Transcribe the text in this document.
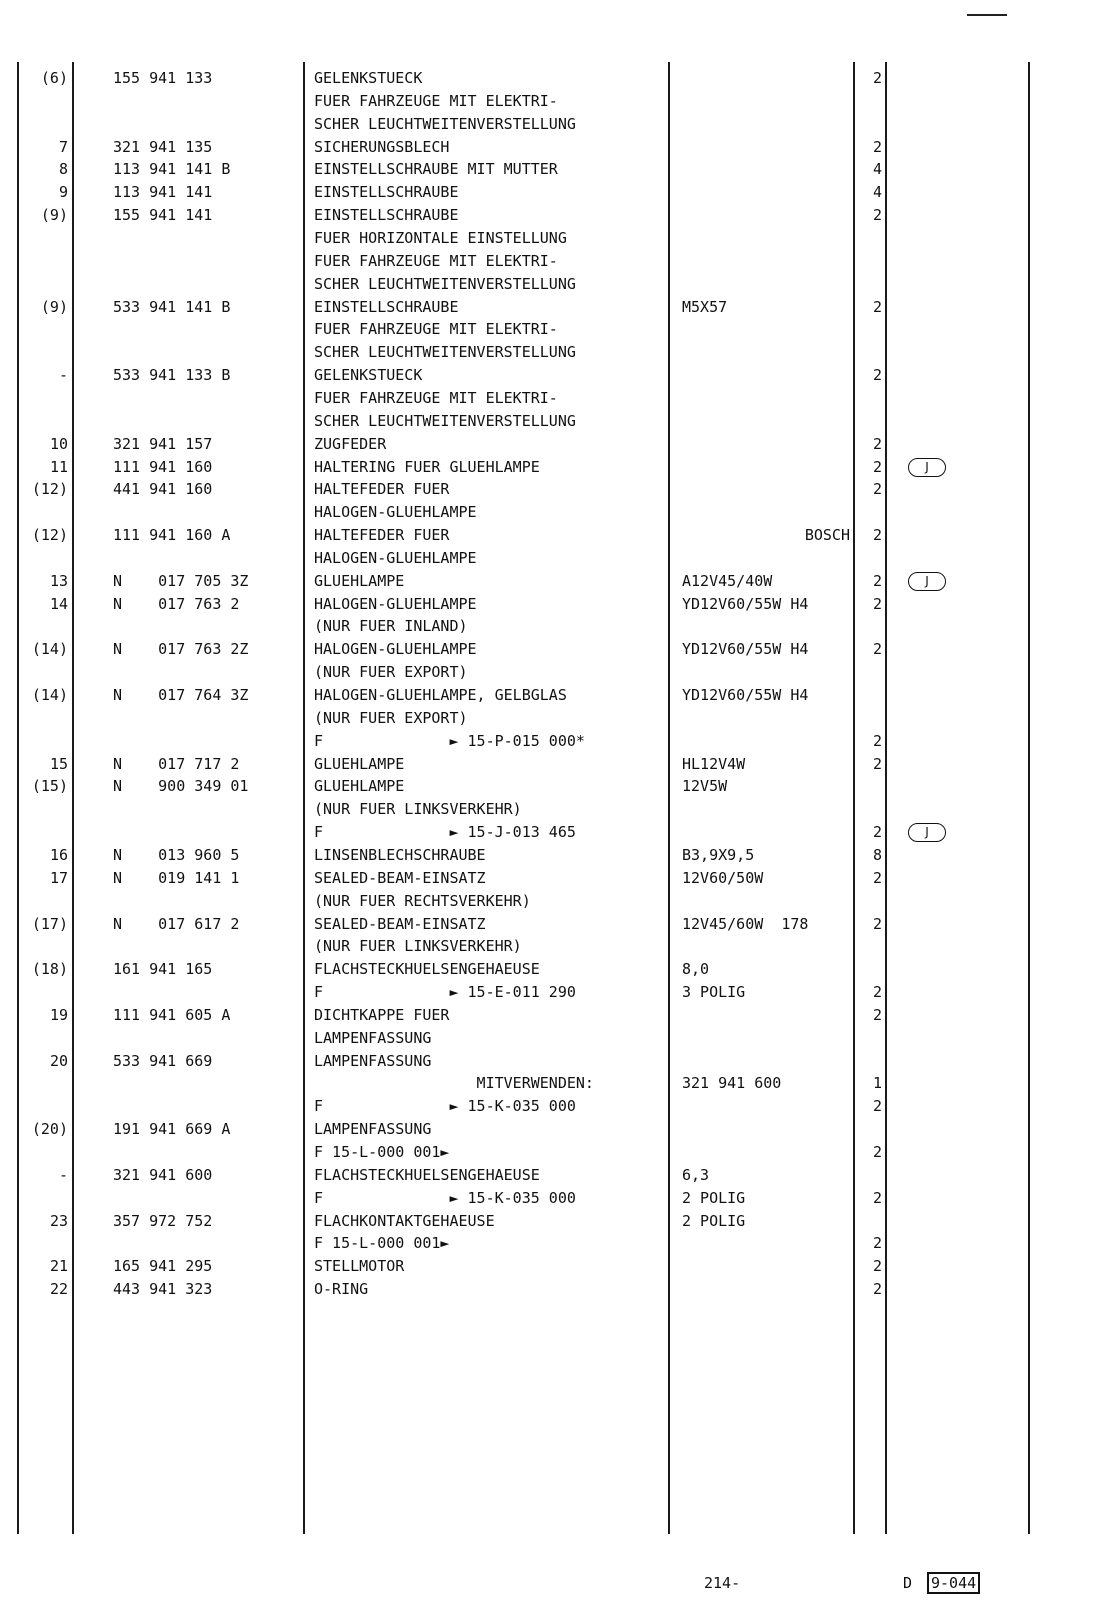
(6)	155 941 133	GELENKSTUECK	2
FUER FAHRZEUGE MIT ELEKTRI-
SCHER LEUCHTWEITENVERSTELLUNG
7	321 941 135	SICHERUNGSBLECH	2
8	113 941 141 B	EINSTELLSCHRAUBE MIT MUTTER	4
9	113 941 141	EINSTELLSCHRAUBE	4
(9)	155 941 141	EINSTELLSCHRAUBE	2
FUER HORIZONTALE EINSTELLUNG
FUER FAHRZEUGE MIT ELEKTRI-
SCHER LEUCHTWEITENVERSTELLUNG
(9)	533 941 141 B	EINSTELLSCHRAUBE	M5X57	2
FUER FAHRZEUGE MIT ELEKTRI-
SCHER LEUCHTWEITENVERSTELLUNG
-	533 941 133 B	GELENKSTUECK	2
FUER FAHRZEUGE MIT ELEKTRI-
SCHER LEUCHTWEITENVERSTELLUNG
10	321 941 157	ZUGFEDER	2
11	111 941 160	HALTERING FUER GLUEHLAMPE	2	J
(12)	441 941 160	HALTEFEDER FUER	2
HALOGEN-GLUEHLAMPE
(12)	111 941 160 A	HALTEFEDER FUER	BOSCH	2
HALOGEN-GLUEHLAMPE
13	N    017 705 3Z	GLUEHLAMPE	A12V45/40W	2	J
14	N    017 763 2	HALOGEN-GLUEHLAMPE	YD12V60/55W H4	2
(NUR FUER INLAND)
(14)	N    017 763 2Z	HALOGEN-GLUEHLAMPE	YD12V60/55W H4	2
(NUR FUER EXPORT)
(14)	N    017 764 3Z	HALOGEN-GLUEHLAMPE, GELBGLAS	YD12V60/55W H4
(NUR FUER EXPORT)
F              ► 15-P-015 000*	2
15	N    017 717 2	GLUEHLAMPE	HL12V4W	2
(15)	N    900 349 01	GLUEHLAMPE	12V5W
(NUR FUER LINKSVERKEHR)
F              ► 15-J-013 465	2	J
16	N    013 960 5	LINSENBLECHSCHRAUBE	B3,9X9,5	8
17	N    019 141 1	SEALED-BEAM-EINSATZ	12V60/50W	2
(NUR FUER RECHTSVERKEHR)
(17)	N    017 617 2	SEALED-BEAM-EINSATZ	12V45/60W  178	2
(NUR FUER LINKSVERKEHR)
(18)	161 941 165	FLACHSTECKHUELSENGEHAEUSE	8,0
F              ► 15-E-011 290	3 POLIG	2
19	111 941 605 A	DICHTKAPPE FUER	2
LAMPENFASSUNG
20	533 941 669	LAMPENFASSUNG
MITVERWENDEN:	321 941 600	1
F              ► 15-K-035 000	2
(20)	191 941 669 A	LAMPENFASSUNG
F 15-L-000 001►	2
-	321 941 600	FLACHSTECKHUELSENGEHAEUSE	6,3
F              ► 15-K-035 000	2 POLIG	2
23	357 972 752	FLACHKONTAKTGEHAEUSE	2 POLIG
F 15-L-000 001►	2
21	165 941 295	STELLMOTOR	2
22	443 941 323	O-RING	2
214-	D 9-044
